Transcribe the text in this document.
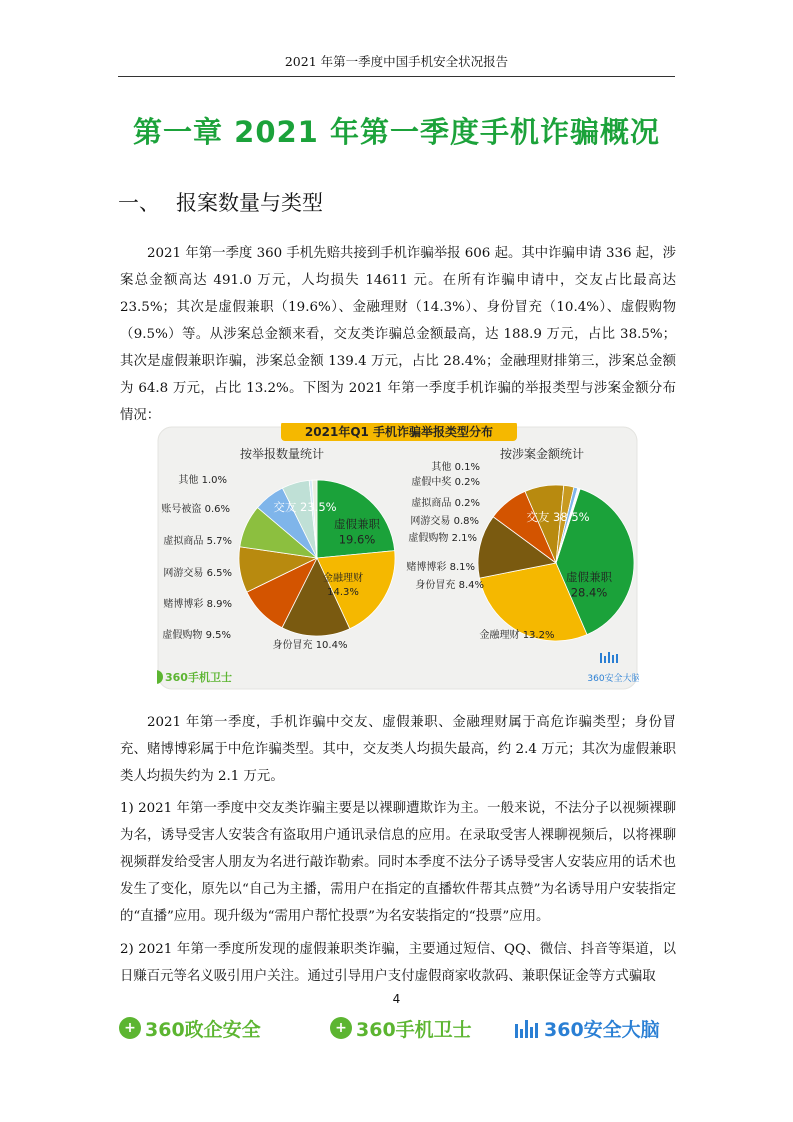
2021 年第一季度中国手机安全状况报告
第一章 2021 年第一季度手机诈骗概况
一、 报案数量与类型
2021 年第一季度 360 手机先赔共接到手机诈骗举报 606 起。其中诈骗申请 336 起，涉案总金额高达 491.0 万元，人均损失 14611 元。在所有诈骗申请中，交友占比最高达 23.5%；其次是虚假兼职（19.6%）、金融理财（14.3%）、身份冒充（10.4%）、虚假购物（9.5%）等。从涉案总金额来看，交友类诈骗总金额最高，达 188.9 万元，占比 38.5%；其次是虚假兼职诈骗，涉案总金额 139.4 万元，占比 28.4%；金融理财排第三，涉案总金额为 64.8 万元，占比 13.2%。下图为 2021 年第一季度手机诈骗的举报类型与涉案金额分布情况：
2021年Q1 手机诈骗举报类型分布
按举报数量统计	按涉案金额统计
交友 23.5%
虚假兼职 19.6%
金融理财 14.3%
身份冒充 10.4%
虚假购物 9.5%
赌博博彩 8.9%
网游交易 6.5%
虚拟商品 5.7%
账号被盗 0.6%
其他 1.0%
交友 38.5%
虚假兼职 28.4%
金融理财 13.2%
身份冒充 8.4%
赌博博彩 8.1%
虚假购物 2.1%
网游交易 0.8%
虚拟商品 0.2%
虚假中奖 0.2%
其他 0.1%
360手机卫士	360安全大脑
2021 年第一季度，手机诈骗中交友、虚假兼职、金融理财属于高危诈骗类型；身份冒充、赌博博彩属于中危诈骗类型。其中，交友类人均损失最高，约 2.4 万元；其次为虚假兼职类人均损失约为 2.1 万元。
1) 2021 年第一季度中交友类诈骗主要是以裸聊遭欺诈为主。一般来说，不法分子以视频裸聊为名，诱导受害人安装含有盗取用户通讯录信息的应用。在录取受害人裸聊视频后，以将裸聊视频群发给受害人朋友为名进行敲诈勒索。同时本季度不法分子诱导受害人安装应用的话术也发生了变化，原先以“自己为主播，需用户在指定的直播软件帮其点赞”为名诱导用户安装指定的“直播”应用。现升级为“需用户帮忙投票”为名安装指定的“投票”应用。
2) 2021 年第一季度所发现的虚假兼职类诈骗，主要通过短信、QQ、微信、抖音等渠道，以日赚百元等名义吸引用户关注。通过引导用户支付虚假商家收款码、兼职保证金等方式骗取
4
+ 360政企安全	+ 360手机卫士	360安全大脑
